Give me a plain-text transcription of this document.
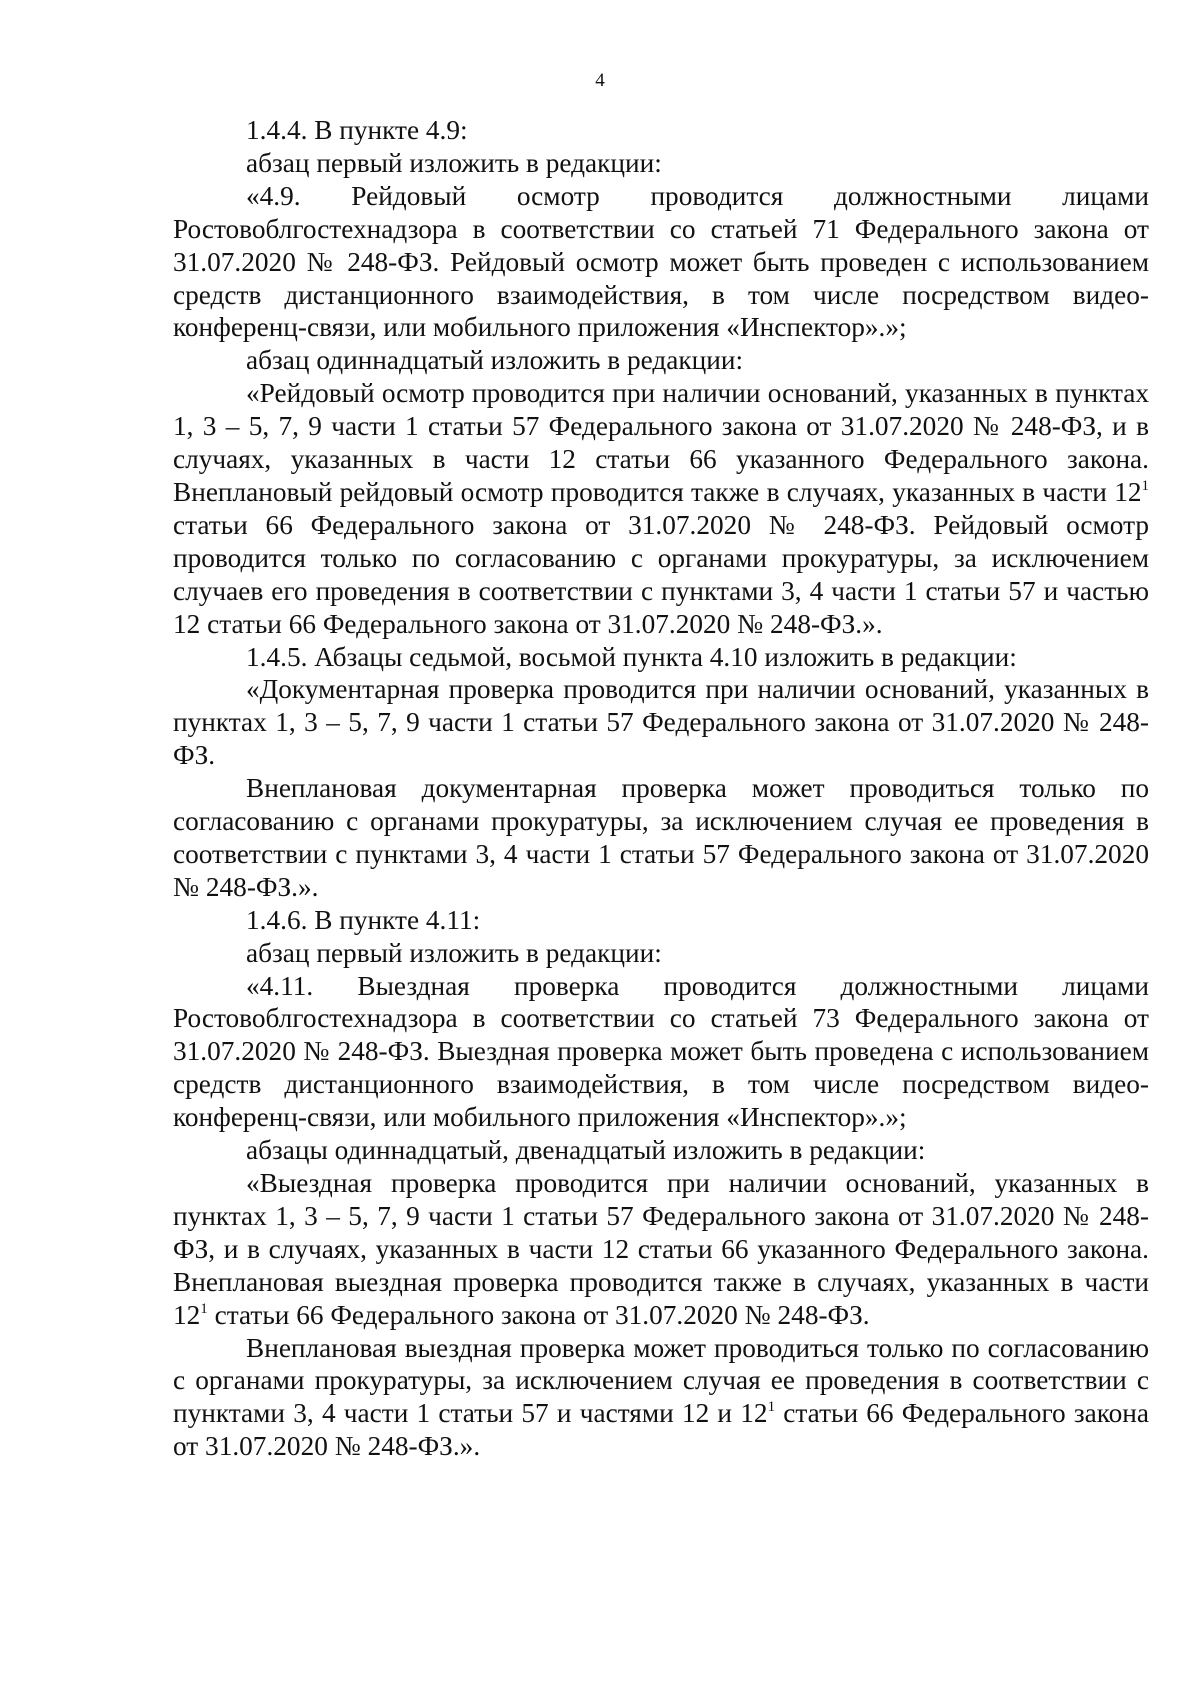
4

1.4.4. В пункте 4.9:

абзац первый изложить в редакции:

«4.9. Рейдовый осмотр проводится должностными лицами Ростовоблгостехнадзора в соответствии со статьей 71 Федерального закона от 31.07.2020 № 248-ФЗ. Рейдовый осмотр может быть проведен с использованием средств дистанционного взаимодействия, в том числе посредством видео-конференц-связи, или мобильного приложения «Инспектор».»;

абзац одиннадцатый изложить в редакции:

«Рейдовый осмотр проводится при наличии оснований, указанных в пунктах 1, 3 – 5, 7, 9 части 1 статьи 57 Федерального закона от 31.07.2020 № 248-ФЗ, и в случаях, указанных в части 12 статьи 66 указанного Федерального закона. Внеплановый рейдовый осмотр проводится также в случаях, указанных в части $12^1$ статьи 66 Федерального закона от 31.07.2020 № 248-ФЗ. Рейдовый осмотр проводится только по согласованию с органами прокуратуры, за исключением случаев его проведения в соответствии с пунктами 3, 4 части 1 статьи 57 и частью 12 статьи 66 Федерального закона от 31.07.2020 № 248-ФЗ.».

1.4.5. Абзацы седьмой, восьмой пункта 4.10 изложить в редакции:

«Документарная проверка проводится при наличии оснований, указанных в пунктах 1, 3 – 5, 7, 9 части 1 статьи 57 Федерального закона от 31.07.2020 № 248-ФЗ.

Внеплановая документарная проверка может проводиться только по согласованию с органами прокуратуры, за исключением случая ее проведения в соответствии с пунктами 3, 4 части 1 статьи 57 Федерального закона от 31.07.2020 № 248-ФЗ.».

1.4.6. В пункте 4.11:

абзац первый изложить в редакции:

«4.11. Выездная проверка проводится должностными лицами Ростовоблгостехнадзора в соответствии со статьей 73 Федерального закона от 31.07.2020 № 248-ФЗ. Выездная проверка может быть проведена с использованием средств дистанционного взаимодействия, в том числе посредством видео-конференц-связи, или мобильного приложения «Инспектор».»;

абзацы одиннадцатый, двенадцатый изложить в редакции:

«Выездная проверка проводится при наличии оснований, указанных в пунктах 1, 3 – 5, 7, 9 части 1 статьи 57 Федерального закона от 31.07.2020 № 248-ФЗ, и в случаях, указанных в части 12 статьи 66 указанного Федерального закона. Внеплановая выездная проверка проводится также в случаях, указанных в части $12^1$ статьи 66 Федерального закона от 31.07.2020 № 248-ФЗ.

Внеплановая выездная проверка может проводиться только по согласованию с органами прокуратуры, за исключением случая ее проведения в соответствии с пунктами 3, 4 части 1 статьи 57 и частями 12 и $12^1$ статьи 66 Федерального закона от 31.07.2020 № 248-ФЗ.».
